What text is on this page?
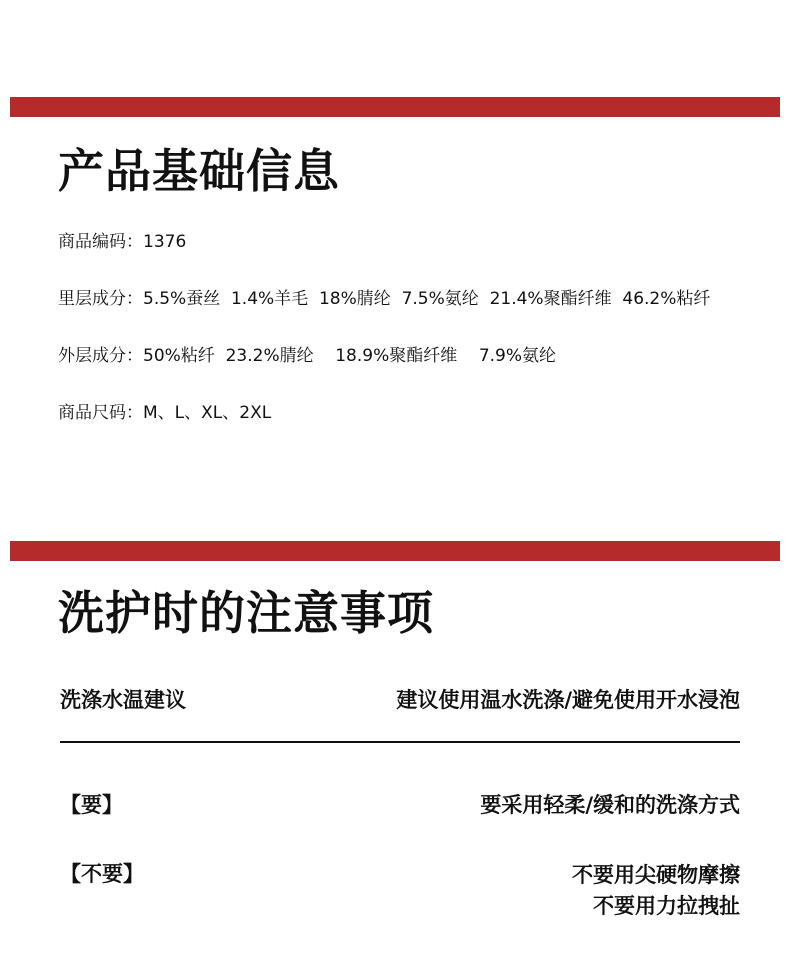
产品基础信息
商品编码：1376
里层成分：5.5%蚕丝  1.4%羊毛  18%腈纶  7.5%氨纶  21.4%聚酯纤维  46.2%粘纤
外层成分：50%粘纤  23.2%腈纶    18.9%聚酯纤维    7.9%氨纶
商品尺码：M、L、XL、2XL
洗护时的注意事项
洗涤水温建议	建议使用温水洗涤/避免使用开水浸泡
【要】	要采用轻柔/缓和的洗涤方式
【不要】	不要用尖硬物摩擦
不要用力拉拽扯
